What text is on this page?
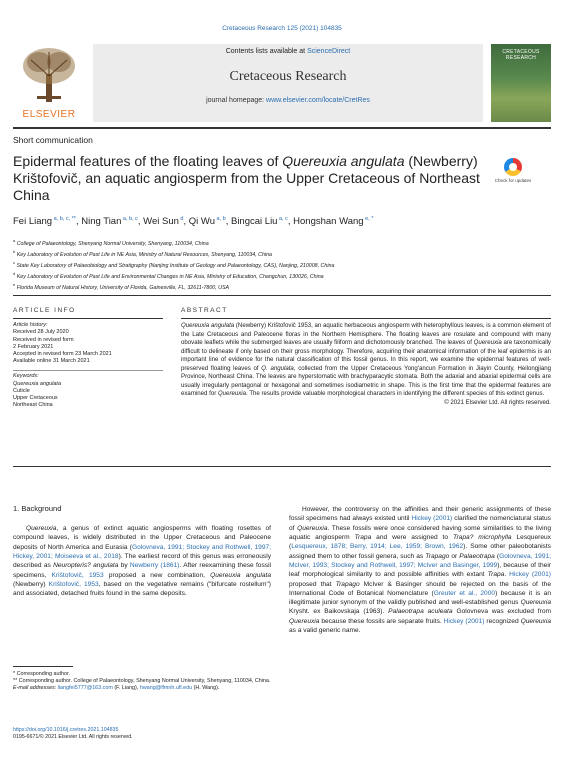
Cretaceous Research 125 (2021) 104835
ELSEVIER
Contents lists available at ScienceDirect
Cretaceous Research
journal homepage: www.elsevier.com/locate/CretRes
CRETACEOUS RESEARCH
Short communication
Epidermal features of the floating leaves of Quereuxia angulata (Newberry) Krištofovič, an aquatic angiosperm from the Upper Cretaceous of Northeast China
Check for updates
Fei Liang $^{a, b, c, **}$, Ning Tian $^{a, b, c}$, Wei Sun $^d$, Qi Wu $^{a, b}$, Bingcai Liu $^{a, c}$, Hongshan Wang $^{e, *}$
$^a$ College of Palaeontology, Shenyang Normal University, Shenyang, 110034, China
$^b$ Key Laboratory of Evolution of Past Life in NE Asia, Ministry of Natural Resources, Shenyang, 110034, China
$^c$ State Key Laboratory of Palaeobiology and Stratigraphy (Nanjing Institute of Geology and Palaeontology, CAS), Nanjing, 210008, China
$^d$ Key Laboratory of Evolution of Past Life and Environmental Changes in NE Asia, Ministry of Education, Changchun, 130026, China
$^e$ Florida Museum of Natural History, University of Florida, Gainesville, FL, 32611-7800, USA
ARTICLE INFO	ABSTRACT
Article history:
Received 28 July 2020
Received in revised form
2 February 2021
Accepted in revised form 23 March 2021
Available online 31 March 2021
Keywords:
Quereuxia angulata
Cuticle
Upper Cretaceous
Northeast China
Quereuxia angulata (Newberry) Krištofovič 1953, an aquatic herbaceous angiosperm with heterophyllous leaves, is a common element of the Late Cretaceous and Paleocene floras in the Northern Hemisphere. The floating leaves are rosulate and compound with many obovate leaflets while the submerged leaves are usually filiform and dichotomously branched. The leaves of Quereuxia are taxonomically difficult to delineate if only based on their gross morphology. Therefore, acquiring their anatomical information of the leaf epidermis is an important line of evidence for the natural classification of this fossil genus. In this report, we examine the epidermal features of well-preserved floating leaves of Q. angulata, collected from the Upper Cretaceous Yong'ancun Formation in Jiayin County, Heilongjiang Province, Northeast China. The leaves are hyperstomatic with brachyparacytic stomata. Both the adaxial and abaxial epidermal cells are usually irregularly pentagonal or hexagonal and sometimes isodiametric in shape. This is the first time that the epidermal features are examined for Quereuxia. The results provide valuable morphological characters in identifying the different species of this extinct genus.
© 2021 Elsevier Ltd. All rights reserved.
1. Background
Quereuxia, a genus of extinct aquatic angiosperms with floating rosettes of compound leaves, is widely distributed in the Upper Cretaceous and Paleocene deposits of North America and Eurasia (Golovneva, 1991; Stockey and Rothwell, 1997; Hickey, 2001; Moiseeva et al., 2018). The earliest record of this genus was erroneously described as Neuropteris? angulata by Newberry (1861). After reexamining these fossil specimens, Krištofovič, 1953 proposed a new combination, Quereuxia angulata (Newberry) Krištofovič, 1953, based on the vegetative remains ("bifurcate rostellum") and associated, detached fruits found in the same deposits.
However, the controversy on the affinities and their generic assignments of these fossil specimens had always existed until Hickey (2001) clarified the nomenclatural status of Quereuxia. These fossils were once considered having some similarities to the living aquatic angiosperm Trapa and were assigned to Trapa? microphylla Lesquereux (Lesquereux, 1878; Berry, 1914; Lee, 1959; Brown, 1962). Some other paleobotanists assigned them to other fossil genera, such as Trapago or Palaeotrapa (Golovneva, 1991; McIver, 1993; Stockey and Rothwell, 1997; McIver and Basinger, 1999), because of their leaf morphological similarity to and possible affinities with extant Trapa. Hickey (2001) proposed that Trapago McIver & Basinger should be rejected on the basis of the International Code of Botanical Nomenclature (Greuter et al., 2000) because it is an illegitimate junior synonym of the validly published and well-established genus Quereuxia Krysht. ex Baikovskaja (1963). Palaeotrapa aculeata Golovneva was excluded from Quereuxia because these fossils are separate fruits. Hickey (2001) recognized Quereuxia as a valid generic name.
* Corresponding author.
** Corresponding author. College of Palaeontology, Shenyang Normal University, Shenyang, 110034, China.
E-mail addresses: liangfei5777@163.com (F. Liang), hwang@flmnh.ufl.edu (H. Wang).
https://doi.org/10.1016/j.cretres.2021.104835
0195-6671/© 2021 Elsevier Ltd. All rights reserved.
